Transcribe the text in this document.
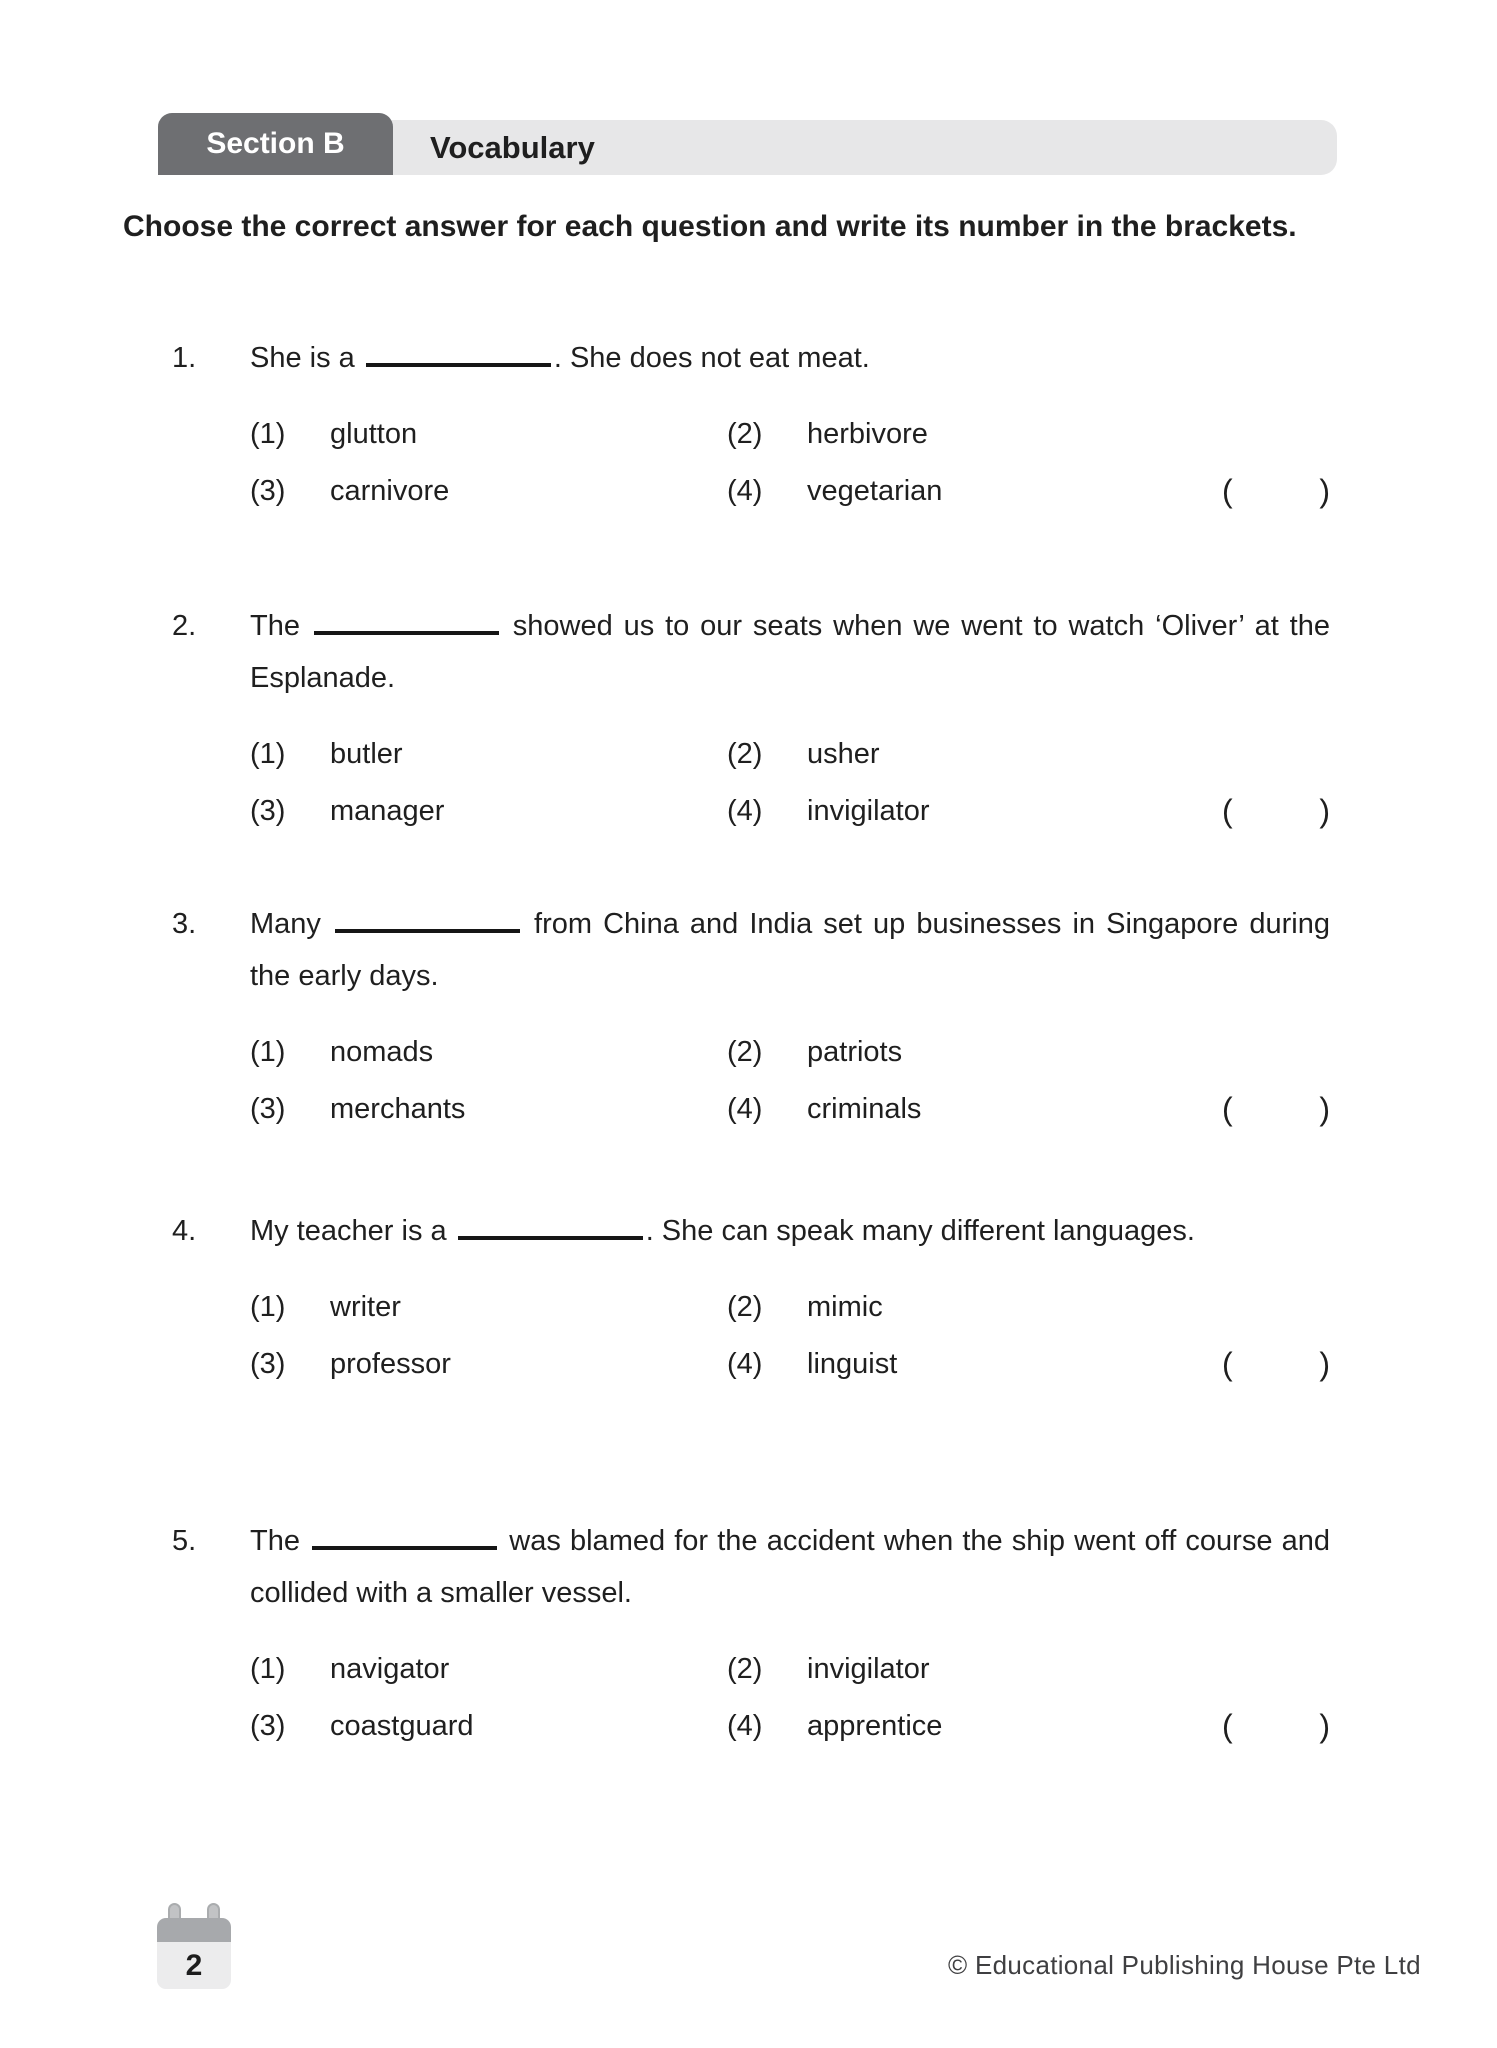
Section B	Vocabulary
Choose the correct answer for each question and write its number in the brackets.
1. She is a	. She does not eat meat.

(1) glutton	(2) herbivore
(3) carnivore	(4) vegetarian	(	)
2. The	showed us to our seats when we went to watch ‘Oliver’ at the Esplanade.

(1) butler	(2) usher
(3) manager	(4) invigilator	(	)
3. Many	from China and India set up businesses in Singapore during the early days.

(1) nomads	(2) patriots
(3) merchants	(4) criminals	(	)
4. My teacher is a	. She can speak many different languages.

(1) writer	(2) mimic
(3) professor	(4) linguist	(	)
5. The	was blamed for the accident when the ship went off course and collided with a smaller vessel.

(1) navigator	(2) invigilator
(3) coastguard	(4) apprentice	(	)
2	© Educational Publishing House Pte Ltd
